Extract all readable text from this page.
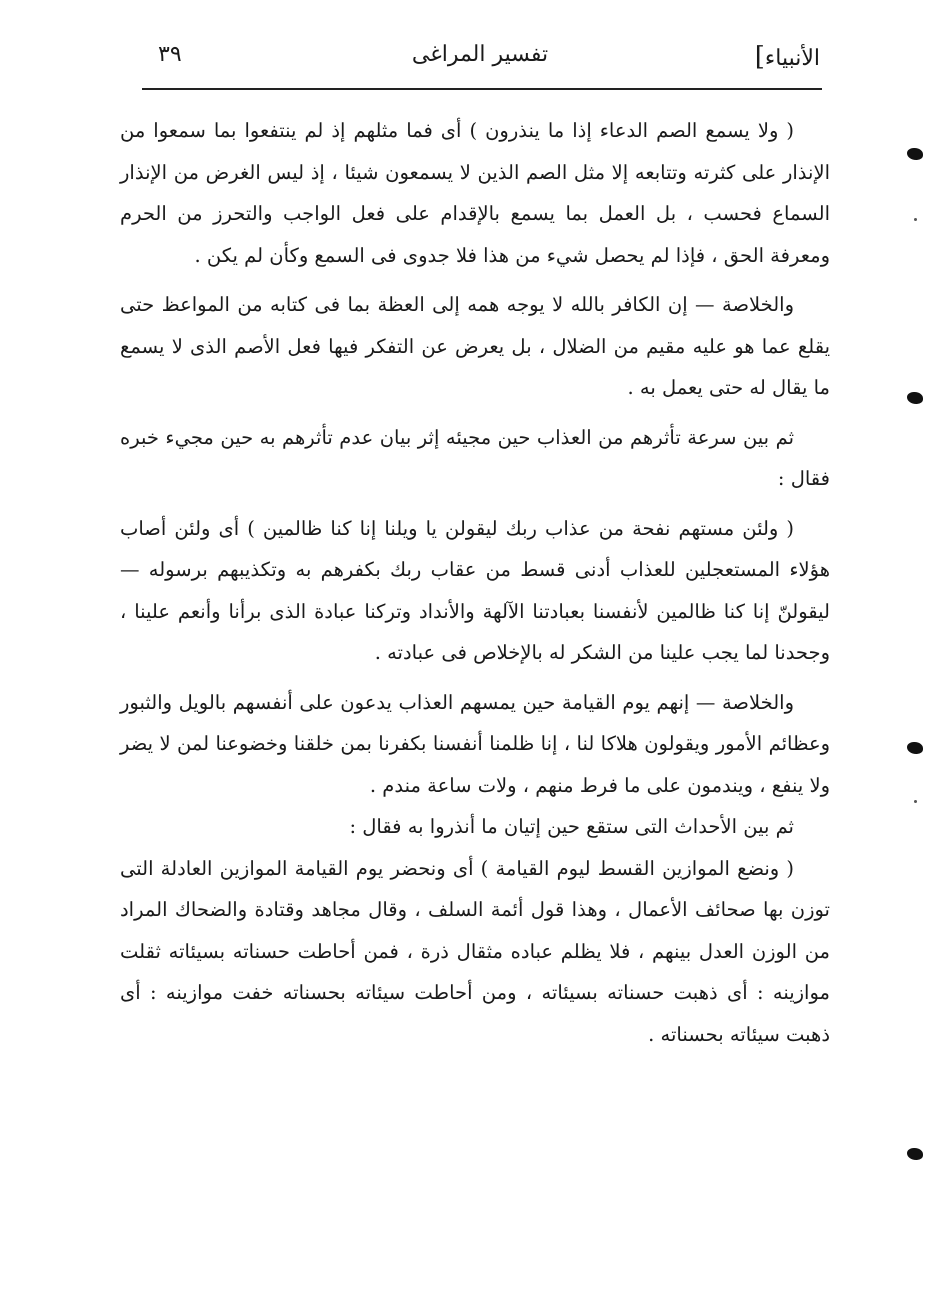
الأنبياء]
تفسير المراغى
٣٩

( ولا يسمع الصم الدعاء إذا ما ينذرون ) أى فما مثلهم إذ لم ينتفعوا بما سمعوا من الإنذار على كثرته وتتابعه إلا مثل الصم الذين لا يسمعون شيئا ، إذ ليس الغرض من الإنذار السماع فحسب ، بل العمل بما يسمع بالإقدام على فعل الواجب والتحرز من الحرم ومعرفة الحق ، فإذا لم يحصل شيء من هذا فلا جدوى فى السمع وكأن لم يكن .

والخلاصة — إن الكافر بالله لا يوجه همه إلى العظة بما فى كتابه من المواعظ حتى يقلع عما هو عليه مقيم من الضلال ، بل يعرض عن التفكر فيها فعل الأصم الذى لا يسمع ما يقال له حتى يعمل به .

ثم بين سرعة تأثرهم من العذاب حين مجيئه إثر بيان عدم تأثرهم به حين مجيء خبره فقال :

( ولئن مستهم نفحة من عذاب ربك ليقولن يا ويلنا إنا كنا ظالمين ) أى ولئن أصاب هؤلاء المستعجلين للعذاب أدنى قسط من عقاب ربك بكفرهم به وتكذيبهم برسوله — ليقولنّ إنا كنا ظالمين لأنفسنا بعبادتنا الآلهة والأنداد وتركنا عبادة الذى برأنا وأنعم علينا ، وجحدنا لما يجب علينا من الشكر له بالإخلاص فى عبادته .

والخلاصة — إنهم يوم القيامة حين يمسهم العذاب يدعون على أنفسهم بالويل والثبور وعظائم الأمور ويقولون هلاكا لنا ، إنا ظلمنا أنفسنا بكفرنا بمن خلقنا وخضوعنا لمن لا يضر ولا ينفع ، ويندمون على ما فرط منهم ، ولات ساعة مندم .

ثم بين الأحداث التى ستقع حين إتيان ما أنذروا به فقال :

( ونضع الموازين القسط ليوم القيامة ) أى ونحضر يوم القيامة الموازين العادلة التى توزن بها صحائف الأعمال ، وهذا قول أئمة السلف ، وقال مجاهد وقتادة والضحاك المراد من الوزن العدل بينهم ، فلا يظلم عباده مثقال ذرة ، فمن أحاطت حسناته بسيئاته ثقلت موازينه : أى ذهبت حسناته بسيئاته ، ومن أحاطت سيئاته بحسناته خفت موازينه : أى ذهبت سيئاته بحسناته .
